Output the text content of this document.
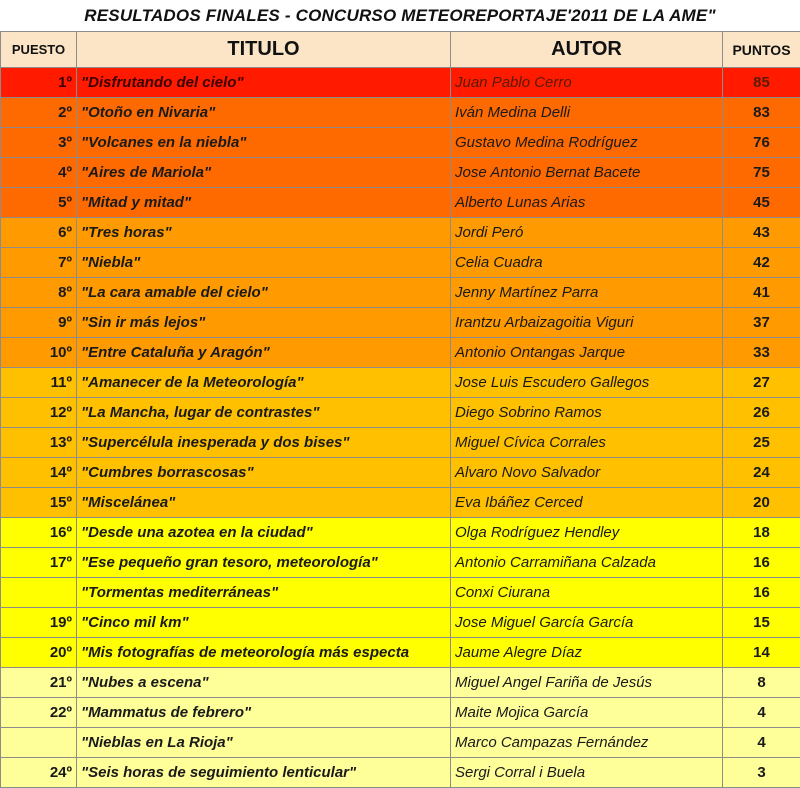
RESULTADOS FINALES - CONCURSO METEOREPORTAJE'2011 DE LA AME"
PUESTO	TITULO	AUTOR	PUNTOS
1º	"Disfrutando del cielo"	Juan Pablo Cerro	85
2º	"Otoño en Nivaria"	Iván Medina Delli	83
3º	"Volcanes en la niebla"	Gustavo Medina Rodríguez	76
4º	"Aires de Mariola"	Jose Antonio Bernat Bacete	75
5º	"Mitad y mitad"	Alberto Lunas Arias	45
6º	"Tres horas"	Jordi Peró	43
7º	"Niebla"	Celia Cuadra	42
8º	"La cara amable del cielo"	Jenny Martínez Parra	41
9º	"Sin ir más lejos"	Irantzu Arbaizagoitia Viguri	37
10º	"Entre Cataluña y Aragón"	Antonio Ontangas Jarque	33
11º	"Amanecer de la Meteorología"	Jose Luis Escudero Gallegos	27
12º	"La Mancha, lugar de contrastes"	Diego Sobrino Ramos	26
13º	"Supercélula inesperada y dos bises"	Miguel Cívica Corrales	25
14º	"Cumbres borrascosas"	Alvaro Novo Salvador	24
15º	"Miscelánea"	Eva Ibáñez Cerced	20
16º	"Desde una azotea en la ciudad"	Olga Rodríguez Hendley	18
17º	"Ese pequeño gran tesoro, meteorología"	Antonio Carramiñana Calzada	16
	"Tormentas mediterráneas"	Conxi Ciurana	16
19º	"Cinco mil km"	Jose Miguel García García	15
20º	"Mis fotografías de meteorología más especta	Jaume Alegre Díaz	14
21º	"Nubes a escena"	Miguel Angel Fariña de Jesús	8
22º	"Mammatus de febrero"	Maite Mojica García	4
	"Nieblas en La Rioja"	Marco Campazas Fernández	4
24º	"Seis horas de seguimiento lenticular"	Sergi Corral i Buela	3
